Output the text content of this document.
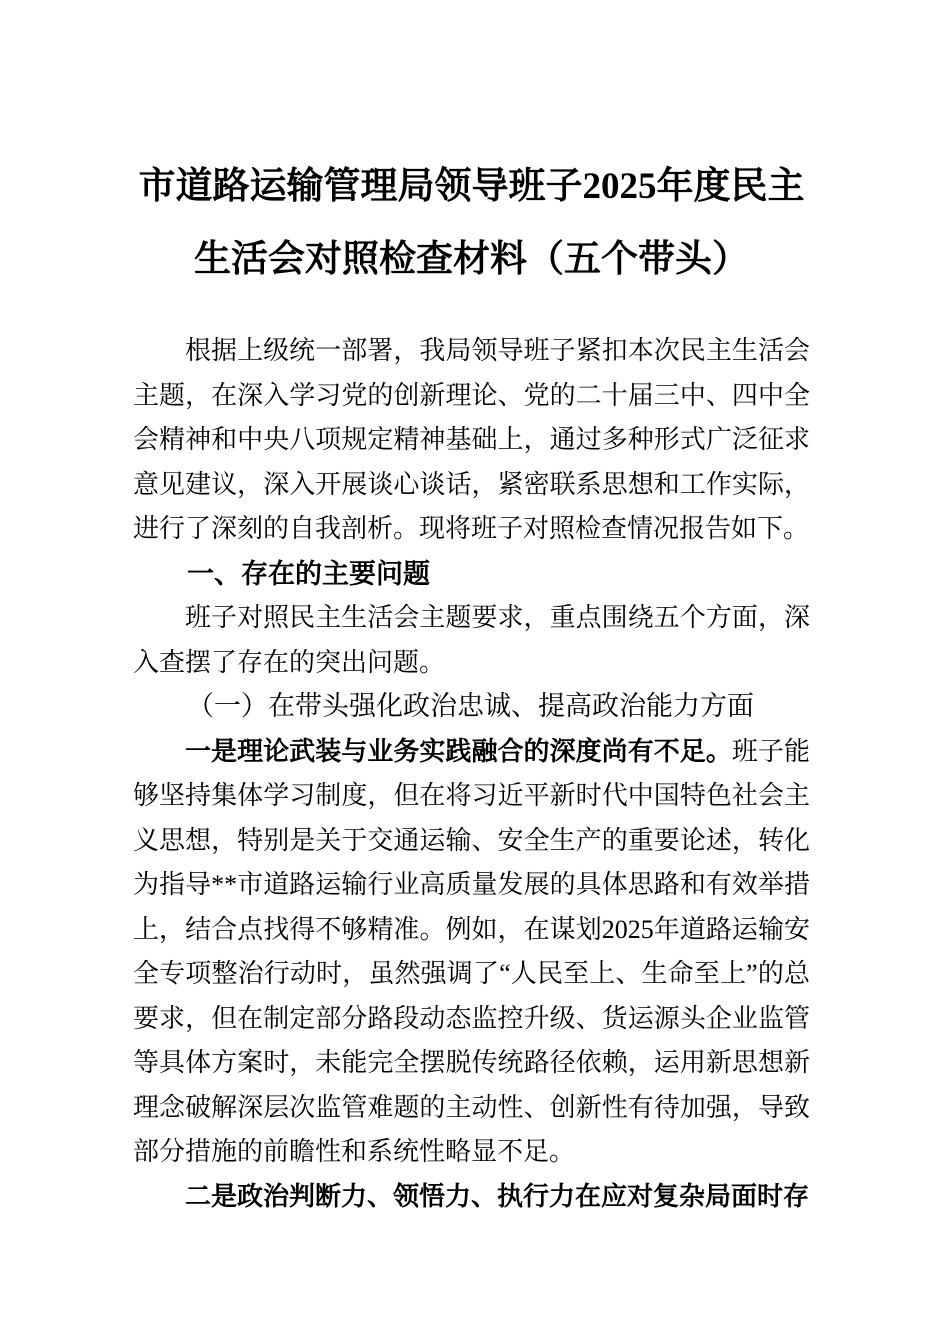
市道路运输管理局领导班子2025年度民主生活会对照检查材料（五个带头）

根据上级统一部署，我局领导班子紧扣本次民主生活会主题，在深入学习党的创新理论、党的二十届三中、四中全会精神和中央八项规定精神基础上，通过多种形式广泛征求意见建议，深入开展谈心谈话，紧密联系思想和工作实际，进行了深刻的自我剖析。现将班子对照检查情况报告如下。

一、存在的主要问题

班子对照民主生活会主题要求，重点围绕五个方面，深入查摆了存在的突出问题。

（一）在带头强化政治忠诚、提高政治能力方面

一是理论武装与业务实践融合的深度尚有不足。班子能够坚持集体学习制度，但在将习近平新时代中国特色社会主义思想，特别是关于交通运输、安全生产的重要论述，转化为指导**市道路运输行业高质量发展的具体思路和有效举措上，结合点找得不够精准。例如，在谋划2025年道路运输安全专项整治行动时，虽然强调了“人民至上、生命至上”的总要求，但在制定部分路段动态监控升级、货运源头企业监管等具体方案时，未能完全摆脱传统路径依赖，运用新思想新理念破解深层次监管难题的主动性、创新性有待加强，导致部分措施的前瞻性和系统性略显不足。

二是政治判断力、领悟力、执行力在应对复杂局面时存
